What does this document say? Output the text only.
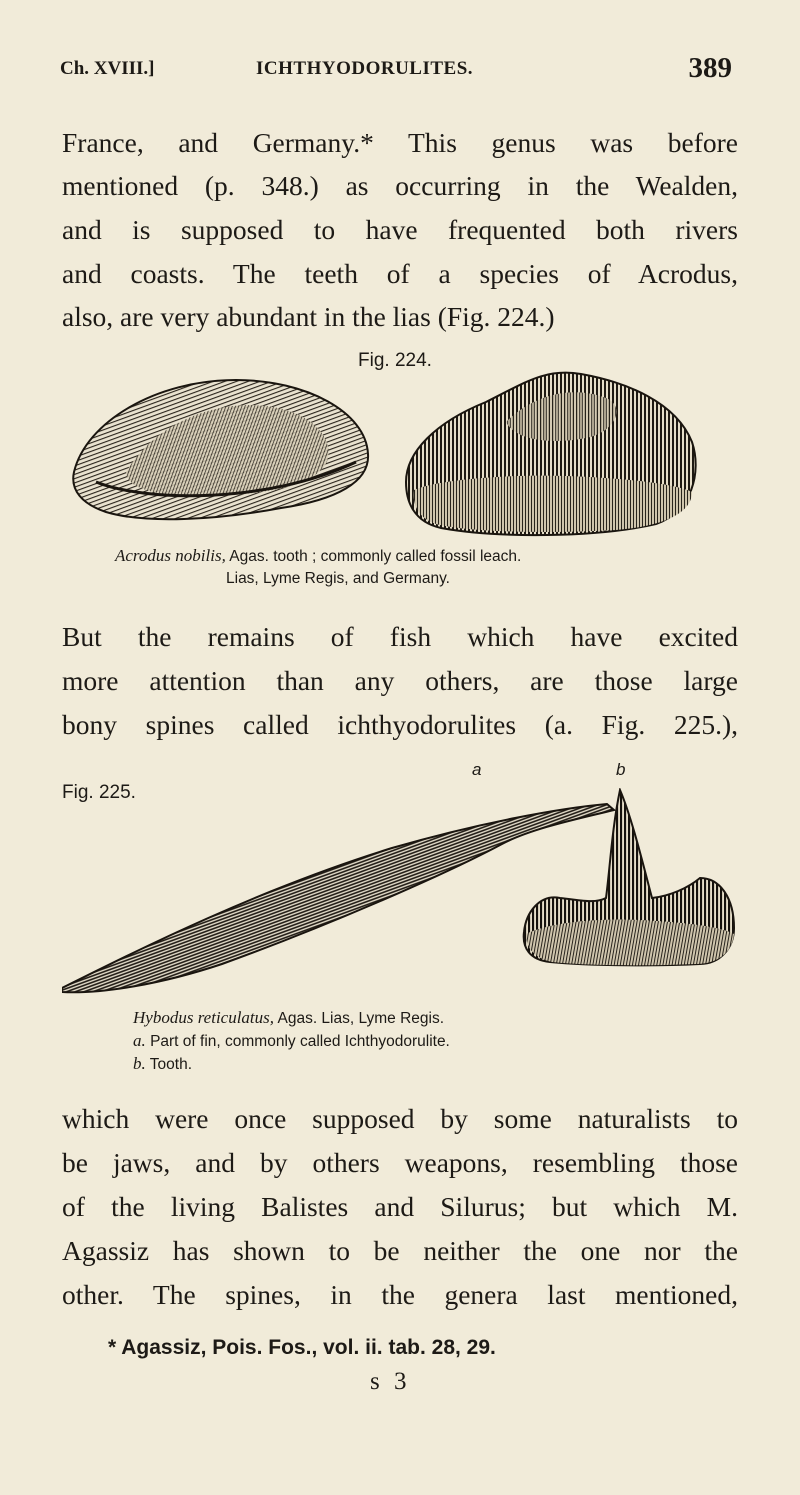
Ch. XVIII.]	ICHTHYODORULITES.	389
France, and Germany.* This genus was before
mentioned (p. 348.) as occurring in the Wealden,
and is supposed to have frequented both rivers
and coasts. The teeth of a species of Acrodus,
also, are very abundant in the lias (Fig. 224.)
Fig. 224.
Acrodus nobilis, Agas. tooth ; commonly called fossil leach.
Lias, Lyme Regis, and Germany.
But the remains of fish which have excited
more attention than any others, are those large
bony spines called ichthyodorulites (a. Fig. 225.),
a	b
Fig. 225.
Hybodus reticulatus, Agas. Lias, Lyme Regis.
a. Part of fin, commonly called Ichthyodorulite.
b. Tooth.
which were once supposed by some naturalists to
be jaws, and by others weapons, resembling those
of the living Balistes and Silurus; but which M.
Agassiz has shown to be neither the one nor the
other. The spines, in the genera last mentioned,
* Agassiz, Pois. Fos., vol. ii. tab. 28, 29.
s 3
